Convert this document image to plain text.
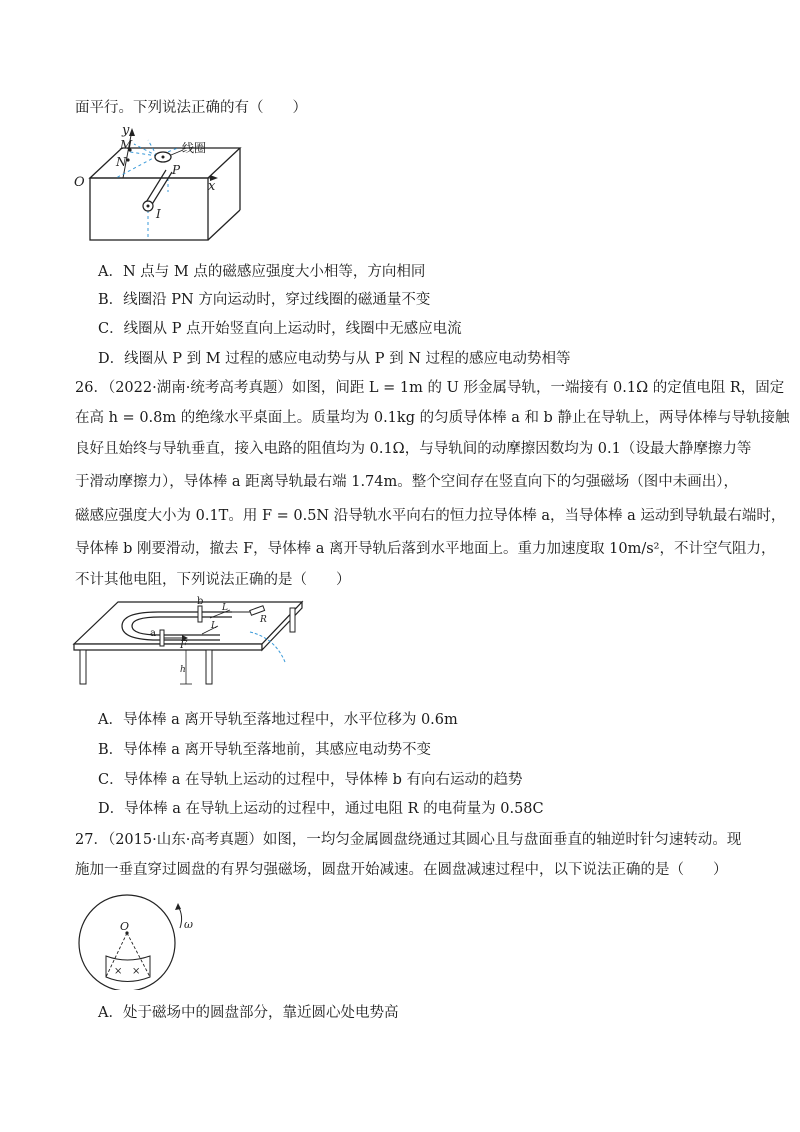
面平行。下列说法正确的有（　　）
y
M
N
线圈
P
O	x
I
A．N 点与 M 点的磁感应强度大小相等，方向相同
B．线圈沿 PN 方向运动时，穿过线圈的磁通量不变
C．线圈从 P 点开始竖直向上运动时，线圈中无感应电流
D．线圈从 P 到 M 过程的感应电动势与从 P 到 N 过程的感应电动势相等
26．（2022·湖南·统考高考真题）如图，间距 L = 1m 的 U 形金属导轨，一端接有 0.1Ω 的定值电阻 R，固定
在高 h = 0.8m 的绝缘水平桌面上。质量均为 0.1kg 的匀质导体棒 a 和 b 静止在导轨上，两导体棒与导轨接触
良好且始终与导轨垂直，接入电路的阻值均为 0.1Ω，与导轨间的动摩擦因数均为 0.1（设最大静摩擦力等
于滑动摩擦力），导体棒 a 距离导轨最右端 1.74m。整个空间存在竖直向下的匀强磁场（图中未画出），
磁感应强度大小为 0.1T。用 F = 0.5N 沿导轨水平向右的恒力拉导体棒 a，当导体棒 a 运动到导轨最右端时，
导体棒 b 刚要滑动，撤去 F，导体棒 a 离开导轨后落到水平地面上。重力加速度取 10m/s²，不计空气阻力，
不计其他电阻，下列说法正确的是（　　）
b
a
F
L
L
R
h
A．导体棒 a 离开导轨至落地过程中，水平位移为 0.6m
B．导体棒 a 离开导轨至落地前，其感应电动势不变
C．导体棒 a 在导轨上运动的过程中，导体棒 b 有向右运动的趋势
D．导体棒 a 在导轨上运动的过程中，通过电阻 R 的电荷量为 0.58C
27．（2015·山东·高考真题）如图，一均匀金属圆盘绕通过其圆心且与盘面垂直的轴逆时针匀速转动。现
施加一垂直穿过圆盘的有界匀强磁场，圆盘开始减速。在圆盘减速过程中，以下说法正确的是（　　）
O	ω
× ×
A．处于磁场中的圆盘部分，靠近圆心处电势高
